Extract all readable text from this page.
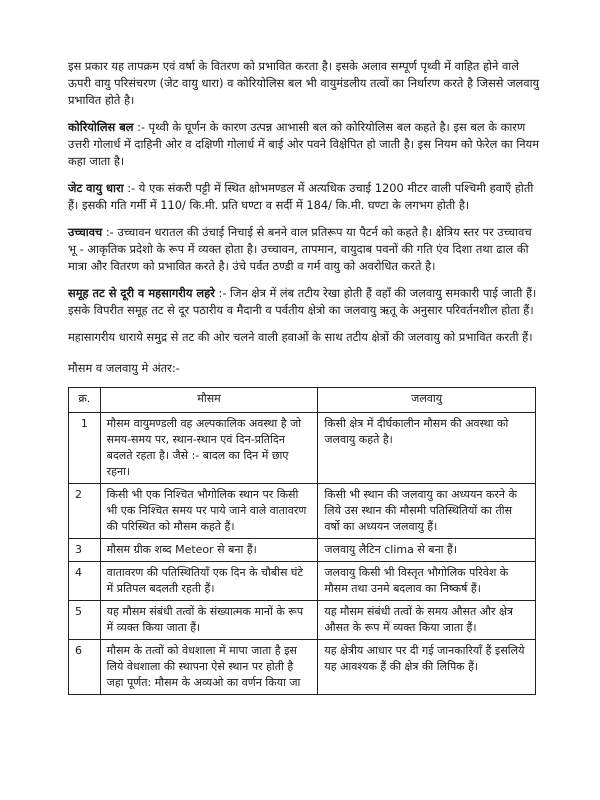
इस प्रकार यह तापक्रम एवं वर्षा के वितरण को प्रभावित करता है। इसके अलाव सम्पूर्ण पृथ्वी में वाहित होने वाले ऊपरी वायु परिसंचरण (जेट वायु धारा) व कोरियोलिस बल भी वायुमंडलीय तत्वों का निर्धारण करते है जिससे जलवायु प्रभावित होते है।

कोरियोलिस बल :- पृथ्वी के घूर्णन के कारण उत्पन्न आभासी बल को कोरियोलिस बल कहते है। इस बल के कारण उत्तरी गोलार्ध में दाहिनी ओर व दक्षिणी गोलार्ध में बाई ओर पवने विक्षेपित हो जाती है। इस नियम को फेरेल का नियम कहा जाता है।

जेट वायु धारा :- ये एक संकरी पट्टी में स्थित क्षोभमण्डल में अत्यधिक उचाई 1200 मीटर वाली पश्चिमी हवाएँ होती हैं। इसकी गति गर्मी में 110/ कि.मी. प्रति घण्टा व सर्दी में 184/ कि.मी. घण्टा के लगभग होती है।

उच्चावच :- उच्चावन धरातल की उंचाई निचाई से बनने वाल प्रतिरूप या पैटर्न को कहते है। क्षेत्रिय स्तर पर उच्चावच भू - आकृतिक प्रदेशो के रूप में व्यक्त होता है। उच्चावन, तापमान, वायुदाब पवनों की गति एंव दिशा तथा ढाल की मात्रा और वितरण को प्रभावित करते है। उंचे पर्वत ठण्डी व गर्म वायु को अवरोधित करते है।

समूह तट से दूरी व महसागरीय लहरे :- जिन क्षेत्र में लंब तटीय रेखा होती हैं वहाँ की जलवायु समकारी पाई जाती हैं। इसके विपरीत समूह तट से दूर पठारीय व मैदानी व पर्वतीय क्षेत्रो का जलवायु ऋतू के अनुसार परिवर्तनशील होता हैं।

महासागरीय धाराये समुद्र से तट की ओर चलने वाली हवाओं के साथ तटीय क्षेत्रों की जलवायु को प्रभावित करती हैं।

मौसम व जलवायु मे अंतर:-

क्र.	मौसम	जलवायु
1	मौसम वायुमण्डली वह अल्पकालिक अवस्था है जो समय-समय पर, स्थान-स्थान एवं दिन-प्रतिदिन बदलते रहता है। जैसे :- बादल का दिन में छाए रहना।	किसी क्षेत्र में दीर्घकालीन मौसम की अवस्था को जलवायु कहते है।
2	किसी भी एक निश्चित भौगोलिक स्थान पर किसी भी एक निश्चित समय पर पाये जाने वाले वातावरण की परिस्थित को मौसम कहते हैं।	किसी भी स्थान की जलवायु का अध्ययन करने के लिये उस स्थान की मौसमी पतिस्थितियों का तीस वर्षो का अध्ययन जलवायु हैं।
3	मौसम ग्रीक शब्द Meteor से बना हैं।	जलवायु लैटिन clima से बना हैं।
4	वातावरण की पतिस्थितियाँ एक दिन के चौबीस घंटे में प्रतिपल बदलती रहती हैं।	जलवायु किसी भी विस्तृत भौगोलिक परिवेश के मौसम तथा उनमे बदलाव का निष्कर्ष हैं।
5	यह मौसम संबंधी तत्वों के संख्यात्मक मानों के रूप में व्यक्त किया जाता हैं।	यह मौसम संबंधी तत्वों के समय औसत और क्षेत्र औसत के रूप में व्यक्त किया जाता हैं।
6	मौसम के तत्वों को वेधशाला में मापा जाता है इस लिये वेधशाला की स्थापना ऐसे स्थान पर होती है जहा पूर्णत: मौसम के अव्यओ का वर्णन किया जा	यह क्षेत्रीय आधार पर दी गई जानकारियाँ हैं इसलिये यह आवश्यक हैं की क्षेत्र की लिपिक हैं।
